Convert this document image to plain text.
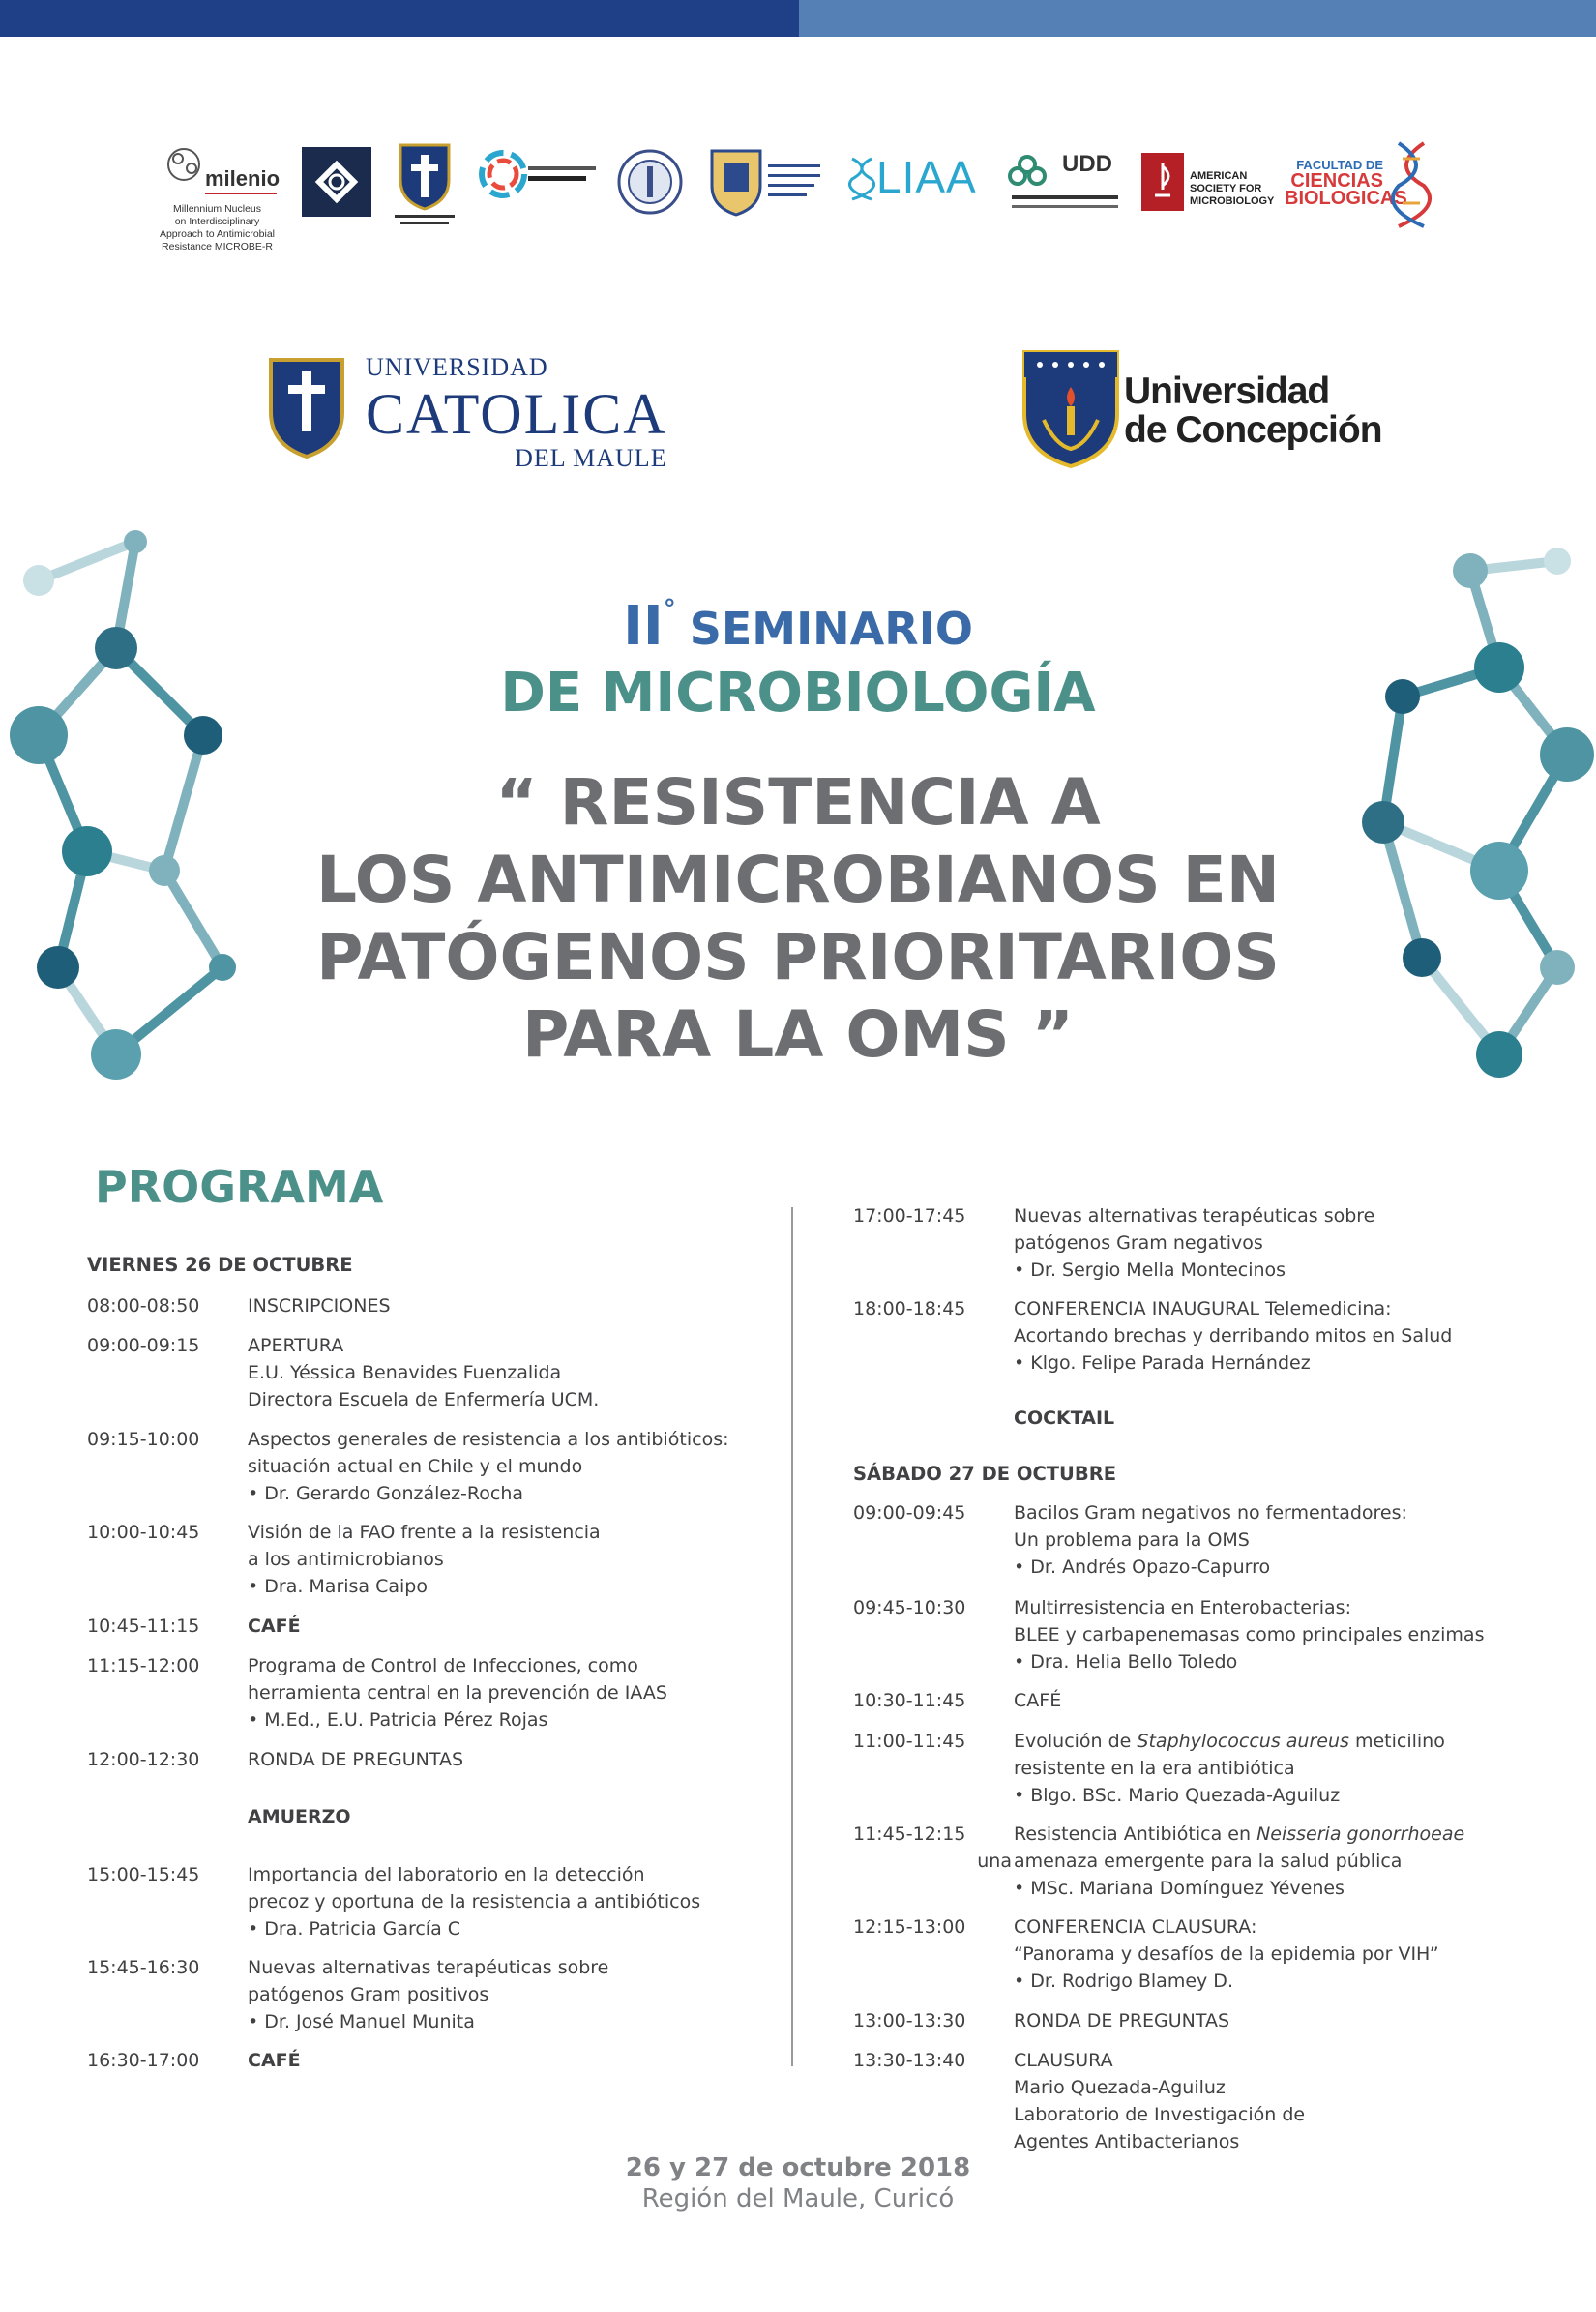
milenio
Millennium Nucleus
on Interdisciplinary
Approach to Antimicrobial
Resistance MICROBE-R
LIAA	UDD	AMERICAN
SOCIETY FOR
MICROBIOLOGY
FACULTAD DE
CIENCIAS
BIOLOGICAS
UNIVERSIDAD
CATOLICA
DEL MAULE
Universidad
de Concepción
II° SEMINARIO
DE MICROBIOLOGÍA
“ RESISTENCIA A
LOS ANTIMICROBIANOS EN
PATÓGENOS PRIORITARIOS
PARA LA OMS ”
PROGRAMA
VIERNES 26 DE OCTUBRE
08:00-08:50	INSCRIPCIONES
09:00-09:15	APERTURA
E.U. Yéssica Benavides Fuenzalida
Directora Escuela de Enfermería UCM.
09:15-10:00	Aspectos generales de resistencia a los antibióticos:
situación actual en Chile y el mundo
• Dr. Gerardo González-Rocha
10:00-10:45	Visión de la FAO frente a la resistencia
a los antimicrobianos
• Dra. Marisa Caipo
10:45-11:15	CAFÉ
11:15-12:00	Programa de Control de Infecciones, como
herramienta central en la prevención de IAAS
• M.Ed., E.U. Patricia Pérez Rojas
12:00-12:30	RONDA DE PREGUNTAS
AMUERZO
15:00-15:45	Importancia del laboratorio en la detección
precoz y oportuna de la resistencia a antibióticos
• Dra. Patricia García C
15:45-16:30	Nuevas alternativas terapéuticas sobre
patógenos Gram positivos
• Dr. José Manuel Munita
16:30-17:00	CAFÉ
17:00-17:45	Nuevas alternativas terapéuticas sobre
patógenos Gram negativos
• Dr. Sergio Mella Montecinos
18:00-18:45	CONFERENCIA INAUGURAL Telemedicina:
Acortando brechas y derribando mitos en Salud
• Klgo. Felipe Parada Hernández
COCKTAIL
SÁBADO 27 DE OCTUBRE
09:00-09:45	Bacilos Gram negativos no fermentadores:
Un problema para la OMS
• Dr. Andrés Opazo-Capurro
09:45-10:30	Multirresistencia en Enterobacterias:
BLEE y carbapenemasas como principales enzimas
• Dra. Helia Bello Toledo
10:30-11:45	CAFÉ
11:00-11:45	Evolución de Staphylococcus aureus meticilino
resistente en la era antibiótica
• Blgo. BSc. Mario Quezada-Aguiluz
11:45-12:15	Resistencia Antibiótica en Neisseria gonorrhoeae
una amenaza emergente para la salud pública
• MSc. Mariana Domínguez Yévenes
12:15-13:00	CONFERENCIA CLAUSURA:
“Panorama y desafíos de la epidemia por VIH”
• Dr. Rodrigo Blamey D.
13:00-13:30	RONDA DE PREGUNTAS
13:30-13:40	CLAUSURA
Mario Quezada-Aguiluz
Laboratorio de Investigación de
Agentes Antibacterianos
26 y 27 de octubre 2018
Región del Maule, Curicó
